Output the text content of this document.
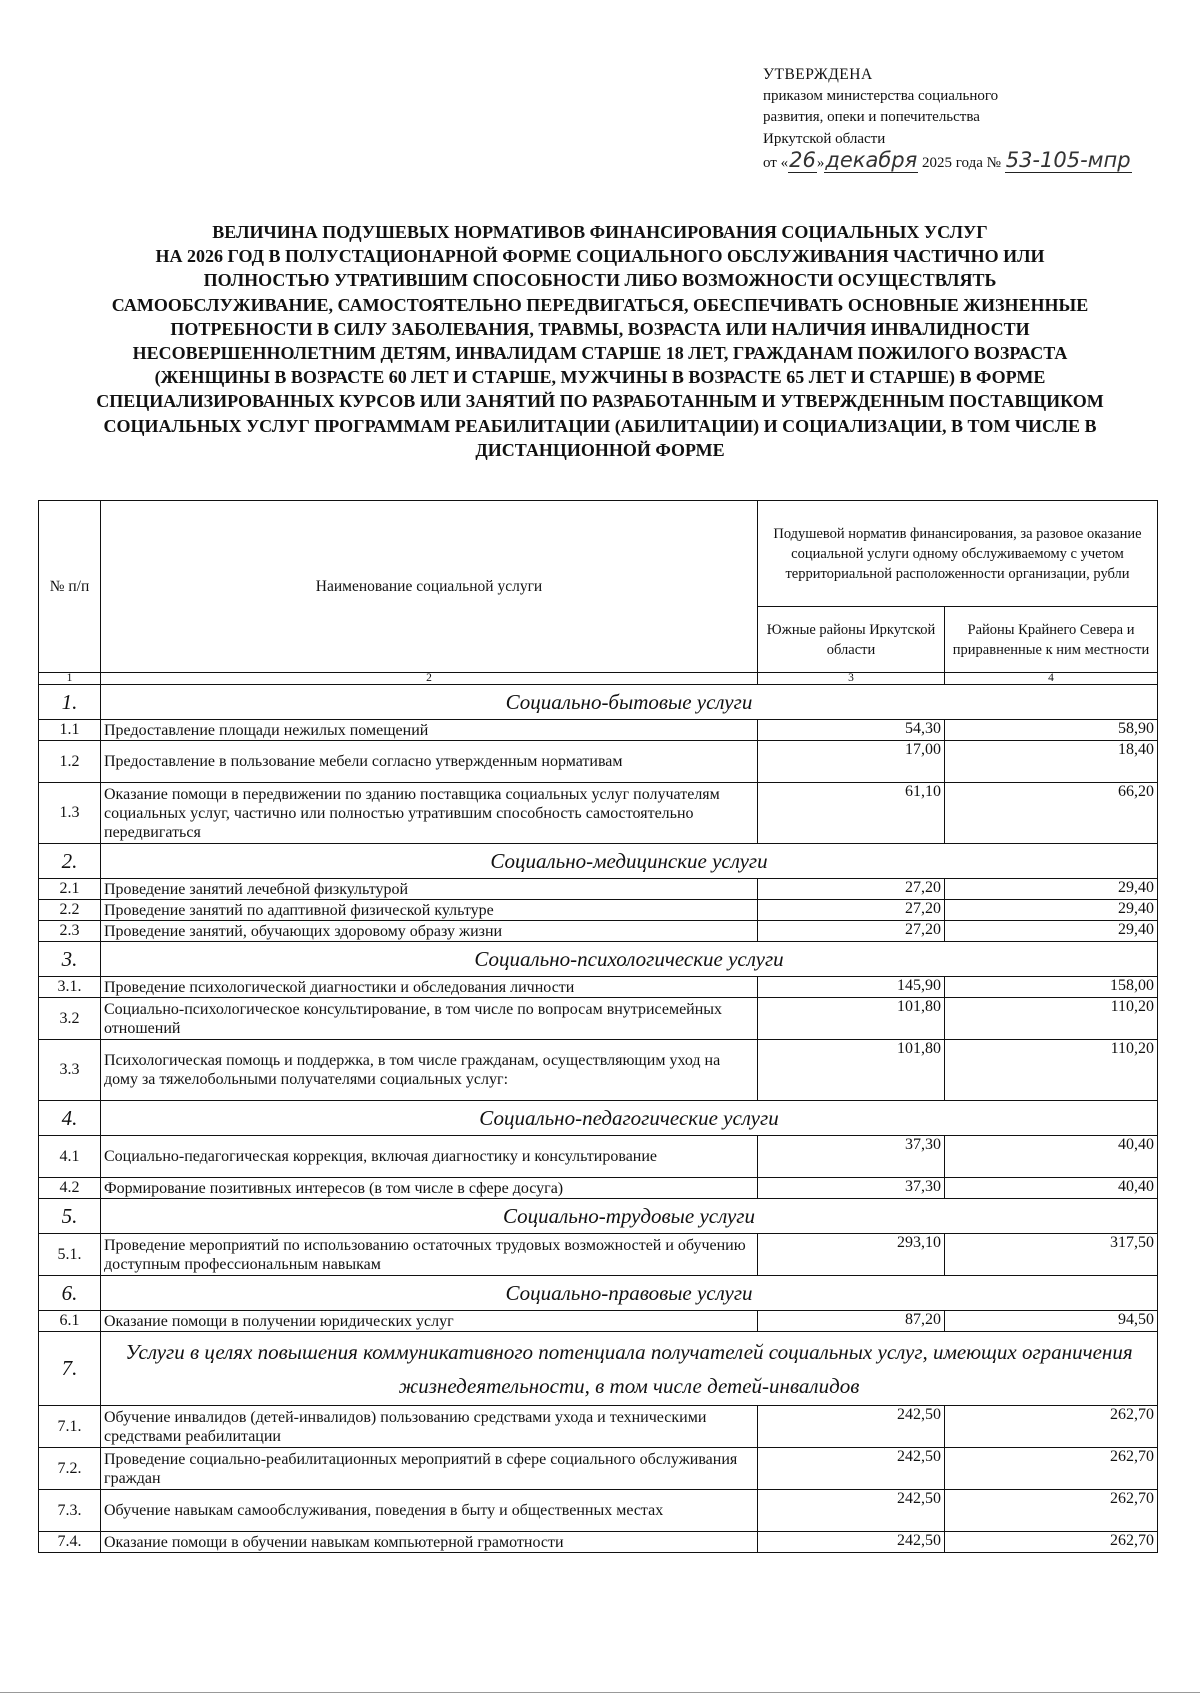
УТВЕРЖДЕНА
приказом министерства социального
развития, опеки и попечительства
Иркутской области
от «26»декабря 2025 года № 53-105-мпр
ВЕЛИЧИНА ПОДУШЕВЫХ НОРМАТИВОВ ФИНАНСИРОВАНИЯ СОЦИАЛЬНЫХ УСЛУГ
НА 2026 ГОД В ПОЛУСТАЦИОНАРНОЙ ФОРМЕ СОЦИАЛЬНОГО ОБСЛУЖИВАНИЯ ЧАСТИЧНО ИЛИ
ПОЛНОСТЬЮ УТРАТИВШИМ СПОСОБНОСТИ ЛИБО ВОЗМОЖНОСТИ ОСУЩЕСТВЛЯТЬ
САМООБСЛУЖИВАНИЕ, САМОСТОЯТЕЛЬНО ПЕРЕДВИГАТЬСЯ, ОБЕСПЕЧИВАТЬ ОСНОВНЫЕ ЖИЗНЕННЫЕ
ПОТРЕБНОСТИ В СИЛУ ЗАБОЛЕВАНИЯ, ТРАВМЫ, ВОЗРАСТА ИЛИ НАЛИЧИЯ ИНВАЛИДНОСТИ
НЕСОВЕРШЕННОЛЕТНИМ ДЕТЯМ, ИНВАЛИДАМ СТАРШЕ 18 ЛЕТ, ГРАЖДАНАМ ПОЖИЛОГО ВОЗРАСТА
(ЖЕНЩИНЫ В ВОЗРАСТЕ 60 ЛЕТ И СТАРШЕ, МУЖЧИНЫ В ВОЗРАСТЕ 65 ЛЕТ И СТАРШЕ) В ФОРМЕ
СПЕЦИАЛИЗИРОВАННЫХ КУРСОВ ИЛИ ЗАНЯТИЙ ПО РАЗРАБОТАННЫМ И УТВЕРЖДЕННЫМ ПОСТАВЩИКОМ
СОЦИАЛЬНЫХ УСЛУГ ПРОГРАММАМ РЕАБИЛИТАЦИИ (АБИЛИТАЦИИ) И СОЦИАЛИЗАЦИИ, В ТОМ ЧИСЛЕ В
ДИСТАНЦИОННОЙ ФОРМЕ
№ п/п	Наименование социальной услуги	Подушевой норматив финансирования, за разовое оказание социальной услуги одному обслуживаемому с учетом территориальной расположенности организации, рубли	
		Южные районы Иркутской области	Районы Крайнего Севера и приравненные к ним местности
1	2	3	4
1.	Социально-бытовые услуги		
1.1	Предоставление площади нежилых помещений	54,30	58,90
1.2	Предоставление в пользование мебели согласно утвержденным нормативам	17,00	18,40
1.3	Оказание помощи в передвижении по зданию поставщика социальных услуг получателям социальных услуг, частично или полностью утратившим способность самостоятельно передвигаться	61,10	66,20
2.	Социально-медицинские услуги		
2.1	Проведение занятий лечебной физкультурой	27,20	29,40
2.2	Проведение занятий по адаптивной физической культуре	27,20	29,40
2.3	Проведение занятий, обучающих здоровому образу жизни	27,20	29,40
3.	Социально-психологические услуги		
3.1.	Проведение психологической диагностики и обследования личности	145,90	158,00
3.2	Социально-психологическое консультирование, в том числе по вопросам внутрисемейных отношений	101,80	110,20
3.3	Психологическая помощь и поддержка, в том числе гражданам, осуществляющим уход на дому за тяжелобольными получателями социальных услуг:	101,80	110,20
4.	Социально-педагогические услуги		
4.1	Социально-педагогическая коррекция, включая диагностику и консультирование	37,30	40,40
4.2	Формирование позитивных интересов (в том числе в сфере досуга)	37,30	40,40
5.	Социально-трудовые услуги		
5.1.	Проведение мероприятий по использованию остаточных трудовых возможностей и обучению доступным профессиональным навыкам	293,10	317,50
6.	Социально-правовые услуги		
6.1	Оказание помощи в получении юридических услуг	87,20	94,50
7.	Услуги в целях повышения коммуникативного потенциала получателей социальных услуг, имеющих ограничения жизнедеятельности, в том числе детей-инвалидов		
7.1.	Обучение инвалидов (детей-инвалидов) пользованию средствами ухода и техническими средствами реабилитации	242,50	262,70
7.2.	Проведение социально-реабилитационных мероприятий в сфере социального обслуживания граждан	242,50	262,70
7.3.	Обучение навыкам самообслуживания, поведения в быту и общественных местах	242,50	262,70
7.4.	Оказание помощи в обучении навыкам компьютерной грамотности	242,50	262,70
